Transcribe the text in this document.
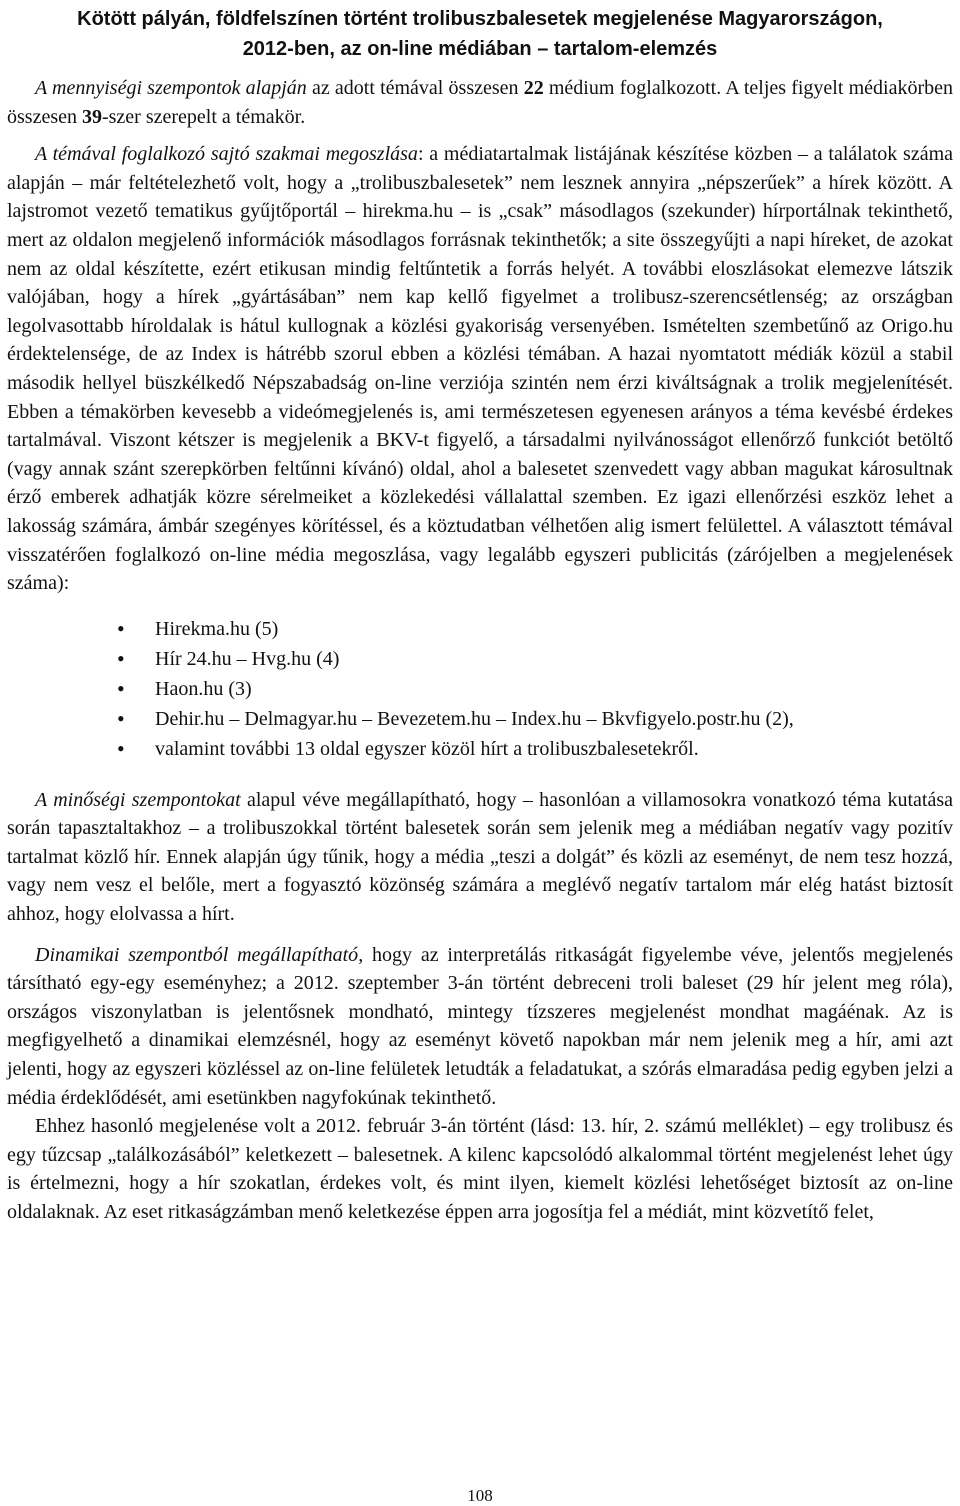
Kötött pályán, földfelszínen történt trolibuszbalesetek megjelenése Magyarországon,
2012-ben, az on-line médiában – tartalom-elemzés

A mennyiségi szempontok alapján az adott témával összesen 22 médium foglalkozott. A teljes figyelt médiakörben összesen 39-szer szerepelt a témakör.

A témával foglalkozó sajtó szakmai megoszlása: a médiatartalmak listájának készítése közben – a találatok száma alapján – már feltételezhető volt, hogy a „trolibuszbalesetek” nem lesznek annyira „népszerűek” a hírek között. A lajstromot vezető tematikus gyűjtőportál – hirekma.hu – is „csak” másodlagos (szekunder) hírportálnak tekinthető, mert az oldalon megjelenő információk másodlagos forrásnak tekinthetők; a site összegyűjti a napi híreket, de azokat nem az oldal készítette, ezért etikusan mindig feltűntetik a forrás helyét. A további eloszlásokat elemezve látszik valójában, hogy a hírek „gyártásában” nem kap kellő figyelmet a trolibusz-szerencsétlenség; az országban legolvasottabb híroldalak is hátul kullognak a közlési gyakoriság versenyében. Ismételten szembetűnő az Origo.hu érdektelensége, de az Index is hátrébb szorul ebben a közlési témában. A hazai nyomtatott médiák közül a stabil második hellyel büszkélkedő Népszabadság on-line verziója szintén nem érzi kiváltságnak a trolik megjelenítését. Ebben a témakörben kevesebb a videómegjelenés is, ami természetesen egyenesen arányos a téma kevésbé érdekes tartalmával. Viszont kétszer is megjelenik a BKV-t figyelő, a társadalmi nyilvánosságot ellenőrző funkciót betöltő (vagy annak szánt szerepkörben feltűnni kívánó) oldal, ahol a balesetet szenvedett vagy abban magukat károsultnak érző emberek adhatják közre sérelmeiket a közlekedési vállalattal szemben. Ez igazi ellenőrzési eszköz lehet a lakosság számára, ámbár szegényes körítéssel, és a köztudatban vélhetően alig ismert felülettel. A választott témával visszatérően foglalkozó on-line média megoszlása, vagy legalább egyszeri publicitás (zárójelben a megjelenések száma):

• Hirekma.hu (5)
• Hír 24.hu – Hvg.hu (4)
• Haon.hu (3)
• Dehir.hu – Delmagyar.hu – Bevezetem.hu – Index.hu – Bkvfigyelo.postr.hu (2),
• valamint további 13 oldal egyszer közöl hírt a trolibuszbalesetekről.

A minőségi szempontokat alapul véve megállapítható, hogy – hasonlóan a villamosokra vonatkozó téma kutatása során tapasztaltakhoz – a trolibuszokkal történt balesetek során sem jelenik meg a médiában negatív vagy pozitív tartalmat közlő hír. Ennek alapján úgy tűnik, hogy a média „teszi a dolgát” és közli az eseményt, de nem tesz hozzá, vagy nem vesz el belőle, mert a fogyasztó közönség számára a meglévő negatív tartalom már elég hatást biztosít ahhoz, hogy elolvassa a hírt.

Dinamikai szempontból megállapítható, hogy az interpretálás ritkaságát figyelembe véve, jelentős megjelenés társítható egy-egy eseményhez; a 2012. szeptember 3-án történt debreceni troli baleset (29 hír jelent meg róla), országos viszonylatban is jelentősnek mondható, mintegy tízszeres megjelenést mondhat magáénak. Az is megfigyelhető a dinamikai elemzésnél, hogy az eseményt követő napokban már nem jelenik meg a hír, ami azt jelenti, hogy az egyszeri közléssel az on-line felületek letudták a feladatukat, a szórás elmaradása pedig egyben jelzi a média érdeklődését, ami esetünkben nagyfokúnak tekinthető.

Ehhez hasonló megjelenése volt a 2012. február 3-án történt (lásd: 13. hír, 2. számú melléklet) – egy trolibusz és egy tűzcsap „találkozásából” keletkezett – balesetnek. A kilenc kapcsolódó alkalommal történt megjelenést lehet úgy is értelmezni, hogy a hír szokatlan, érdekes volt, és mint ilyen, kiemelt közlési lehetőséget biztosít az on-line oldalaknak. Az eset ritkaságzámban menő keletkezése éppen arra jogosítja fel a médiát, mint közvetítő felet,

108
